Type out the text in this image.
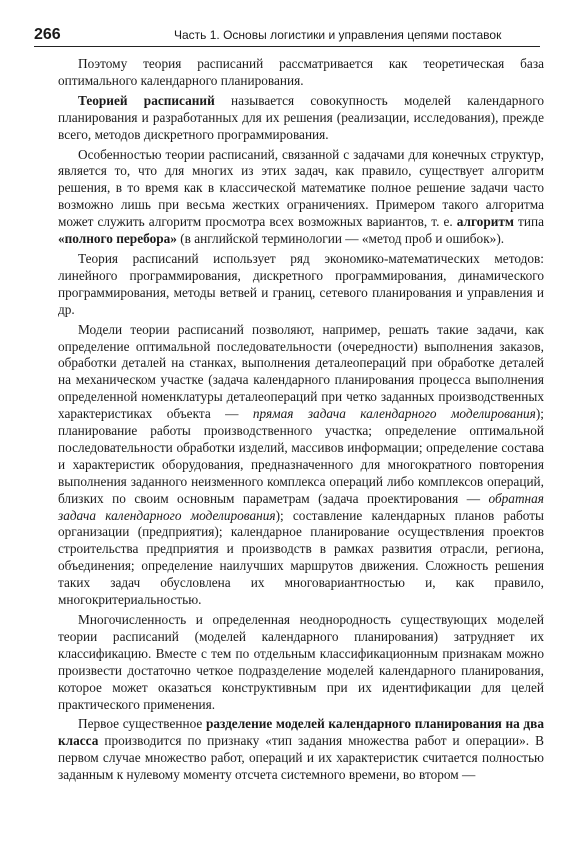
266	Часть 1. Основы логистики и управления цепями поставок

Поэтому теория расписаний рассматривается как теоретическая база оптимального календарного планирования.

Теорией расписаний называется совокупность моделей календарного планирования и разработанных для их решения (реализации, исследования), прежде всего, методов дискретного программирования.

Особенностью теории расписаний, связанной с задачами для конечных структур, является то, что для многих из этих задач, как правило, существует алгоритм решения, в то время как в классической математике полное решение задачи часто возможно лишь при весьма жестких ограничениях. Примером такого алгоритма может служить алгоритм просмотра всех возможных вариантов, т. е. алгоритм типа «полного перебора» (в английской терминологии — «метод проб и ошибок»).

Теория расписаний использует ряд экономико-математических методов: линейного программирования, дискретного программирования, динамического программирования, методы ветвей и границ, сетевого планирования и управления и др.

Модели теории расписаний позволяют, например, решать такие задачи, как определение оптимальной последовательности (очередности) выполнения заказов, обработки деталей на станках, выполнения деталеопераций при обработке деталей на механическом участке (задача календарного планирования процесса выполнения определенной номенклатуры деталеопераций при четко заданных производственных характеристиках объекта — прямая задача календарного моделирования); планирование работы производственного участка; определение оптимальной последовательности обработки изделий, массивов информации; определение состава и характеристик оборудования, предназначенного для многократного повторения выполнения заданного неизменного комплекса операций либо комплексов операций, близких по своим основным параметрам (задача проектирования — обратная задача календарного моделирования); составление календарных планов работы организации (предприятия); календарное планирование осуществления проектов строительства предприятия и производств в рамках развития отрасли, региона, объединения; определение наилучших маршрутов движения. Сложность решения таких задач обусловлена их многовариантностью и, как правило, многокритериальностью.

Многочисленность и определенная неоднородность существующих моделей теории расписаний (моделей календарного планирования) затрудняет их классификацию. Вместе с тем по отдельным классификационным признакам можно произвести достаточно четкое подразделение моделей календарного планирования, которое может оказаться конструктивным при их идентификации для целей практического применения.

Первое существенное разделение моделей календарного планирования на два класса производится по признаку «тип задания множества работ и операции». В первом случае множество работ, операций и их характеристик считается полностью заданным к нулевому моменту отсчета системного времени, во втором —
